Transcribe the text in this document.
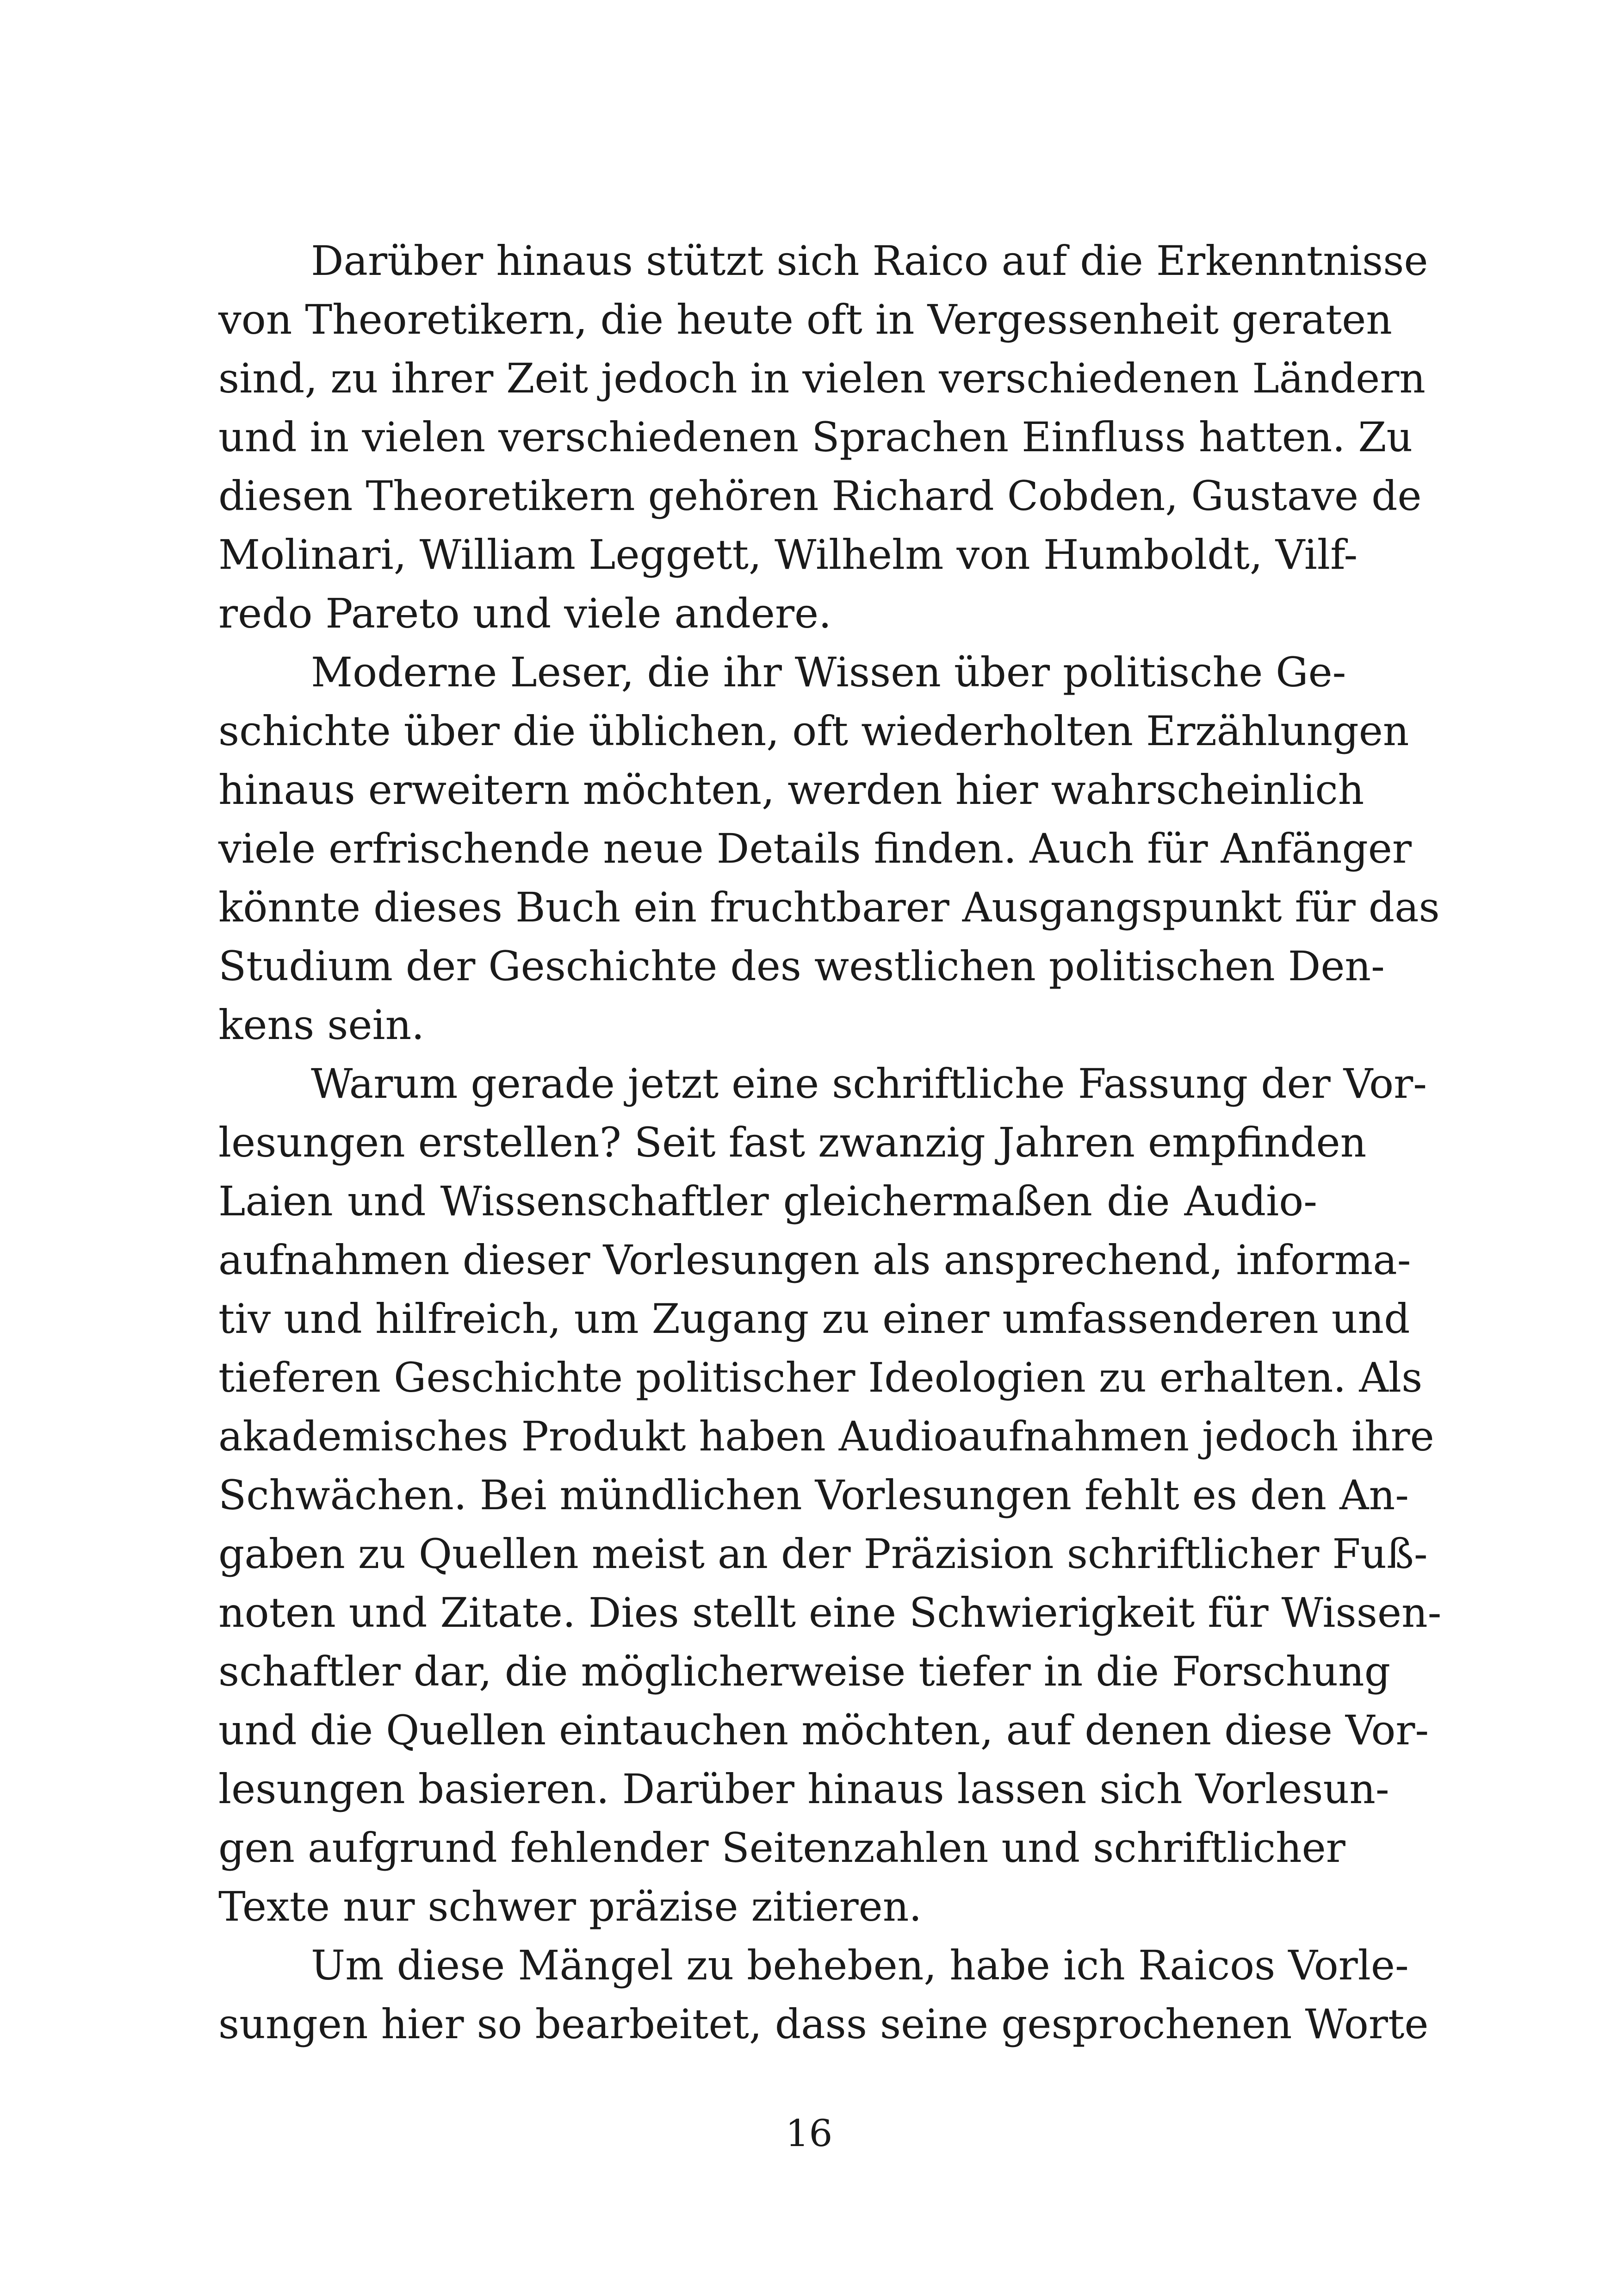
Darüber hinaus stützt sich Raico auf die Erkenntnisse
von Theoretikern, die heute oft in Vergessenheit geraten
sind, zu ihrer Zeit jedoch in vielen verschiedenen Ländern
und in vielen verschiedenen Sprachen Einfluss hatten. Zu
diesen Theoretikern gehören Richard Cobden, Gustave de
Molinari, William Leggett, Wilhelm von Humboldt, Vilf-
redo Pareto und viele andere.
Moderne Leser, die ihr Wissen über politische Ge-
schichte über die üblichen, oft wiederholten Erzählungen
hinaus erweitern möchten, werden hier wahrscheinlich
viele erfrischende neue Details finden. Auch für Anfänger
könnte dieses Buch ein fruchtbarer Ausgangspunkt für das
Studium der Geschichte des westlichen politischen Den-
kens sein.
Warum gerade jetzt eine schriftliche Fassung der Vor-
lesungen erstellen? Seit fast zwanzig Jahren empfinden
Laien und Wissenschaftler gleichermaßen die Audio-
aufnahmen dieser Vorlesungen als ansprechend, informa-
tiv und hilfreich, um Zugang zu einer umfassenderen und
tieferen Geschichte politischer Ideologien zu erhalten. Als
akademisches Produkt haben Audioaufnahmen jedoch ihre
Schwächen. Bei mündlichen Vorlesungen fehlt es den An-
gaben zu Quellen meist an der Präzision schriftlicher Fuß-
noten und Zitate. Dies stellt eine Schwierigkeit für Wissen-
schaftler dar, die möglicherweise tiefer in die Forschung
und die Quellen eintauchen möchten, auf denen diese Vor-
lesungen basieren. Darüber hinaus lassen sich Vorlesun-
gen aufgrund fehlender Seitenzahlen und schriftlicher
Texte nur schwer präzise zitieren.
Um diese Mängel zu beheben, habe ich Raicos Vorle-
sungen hier so bearbeitet, dass seine gesprochenen Worte
16
